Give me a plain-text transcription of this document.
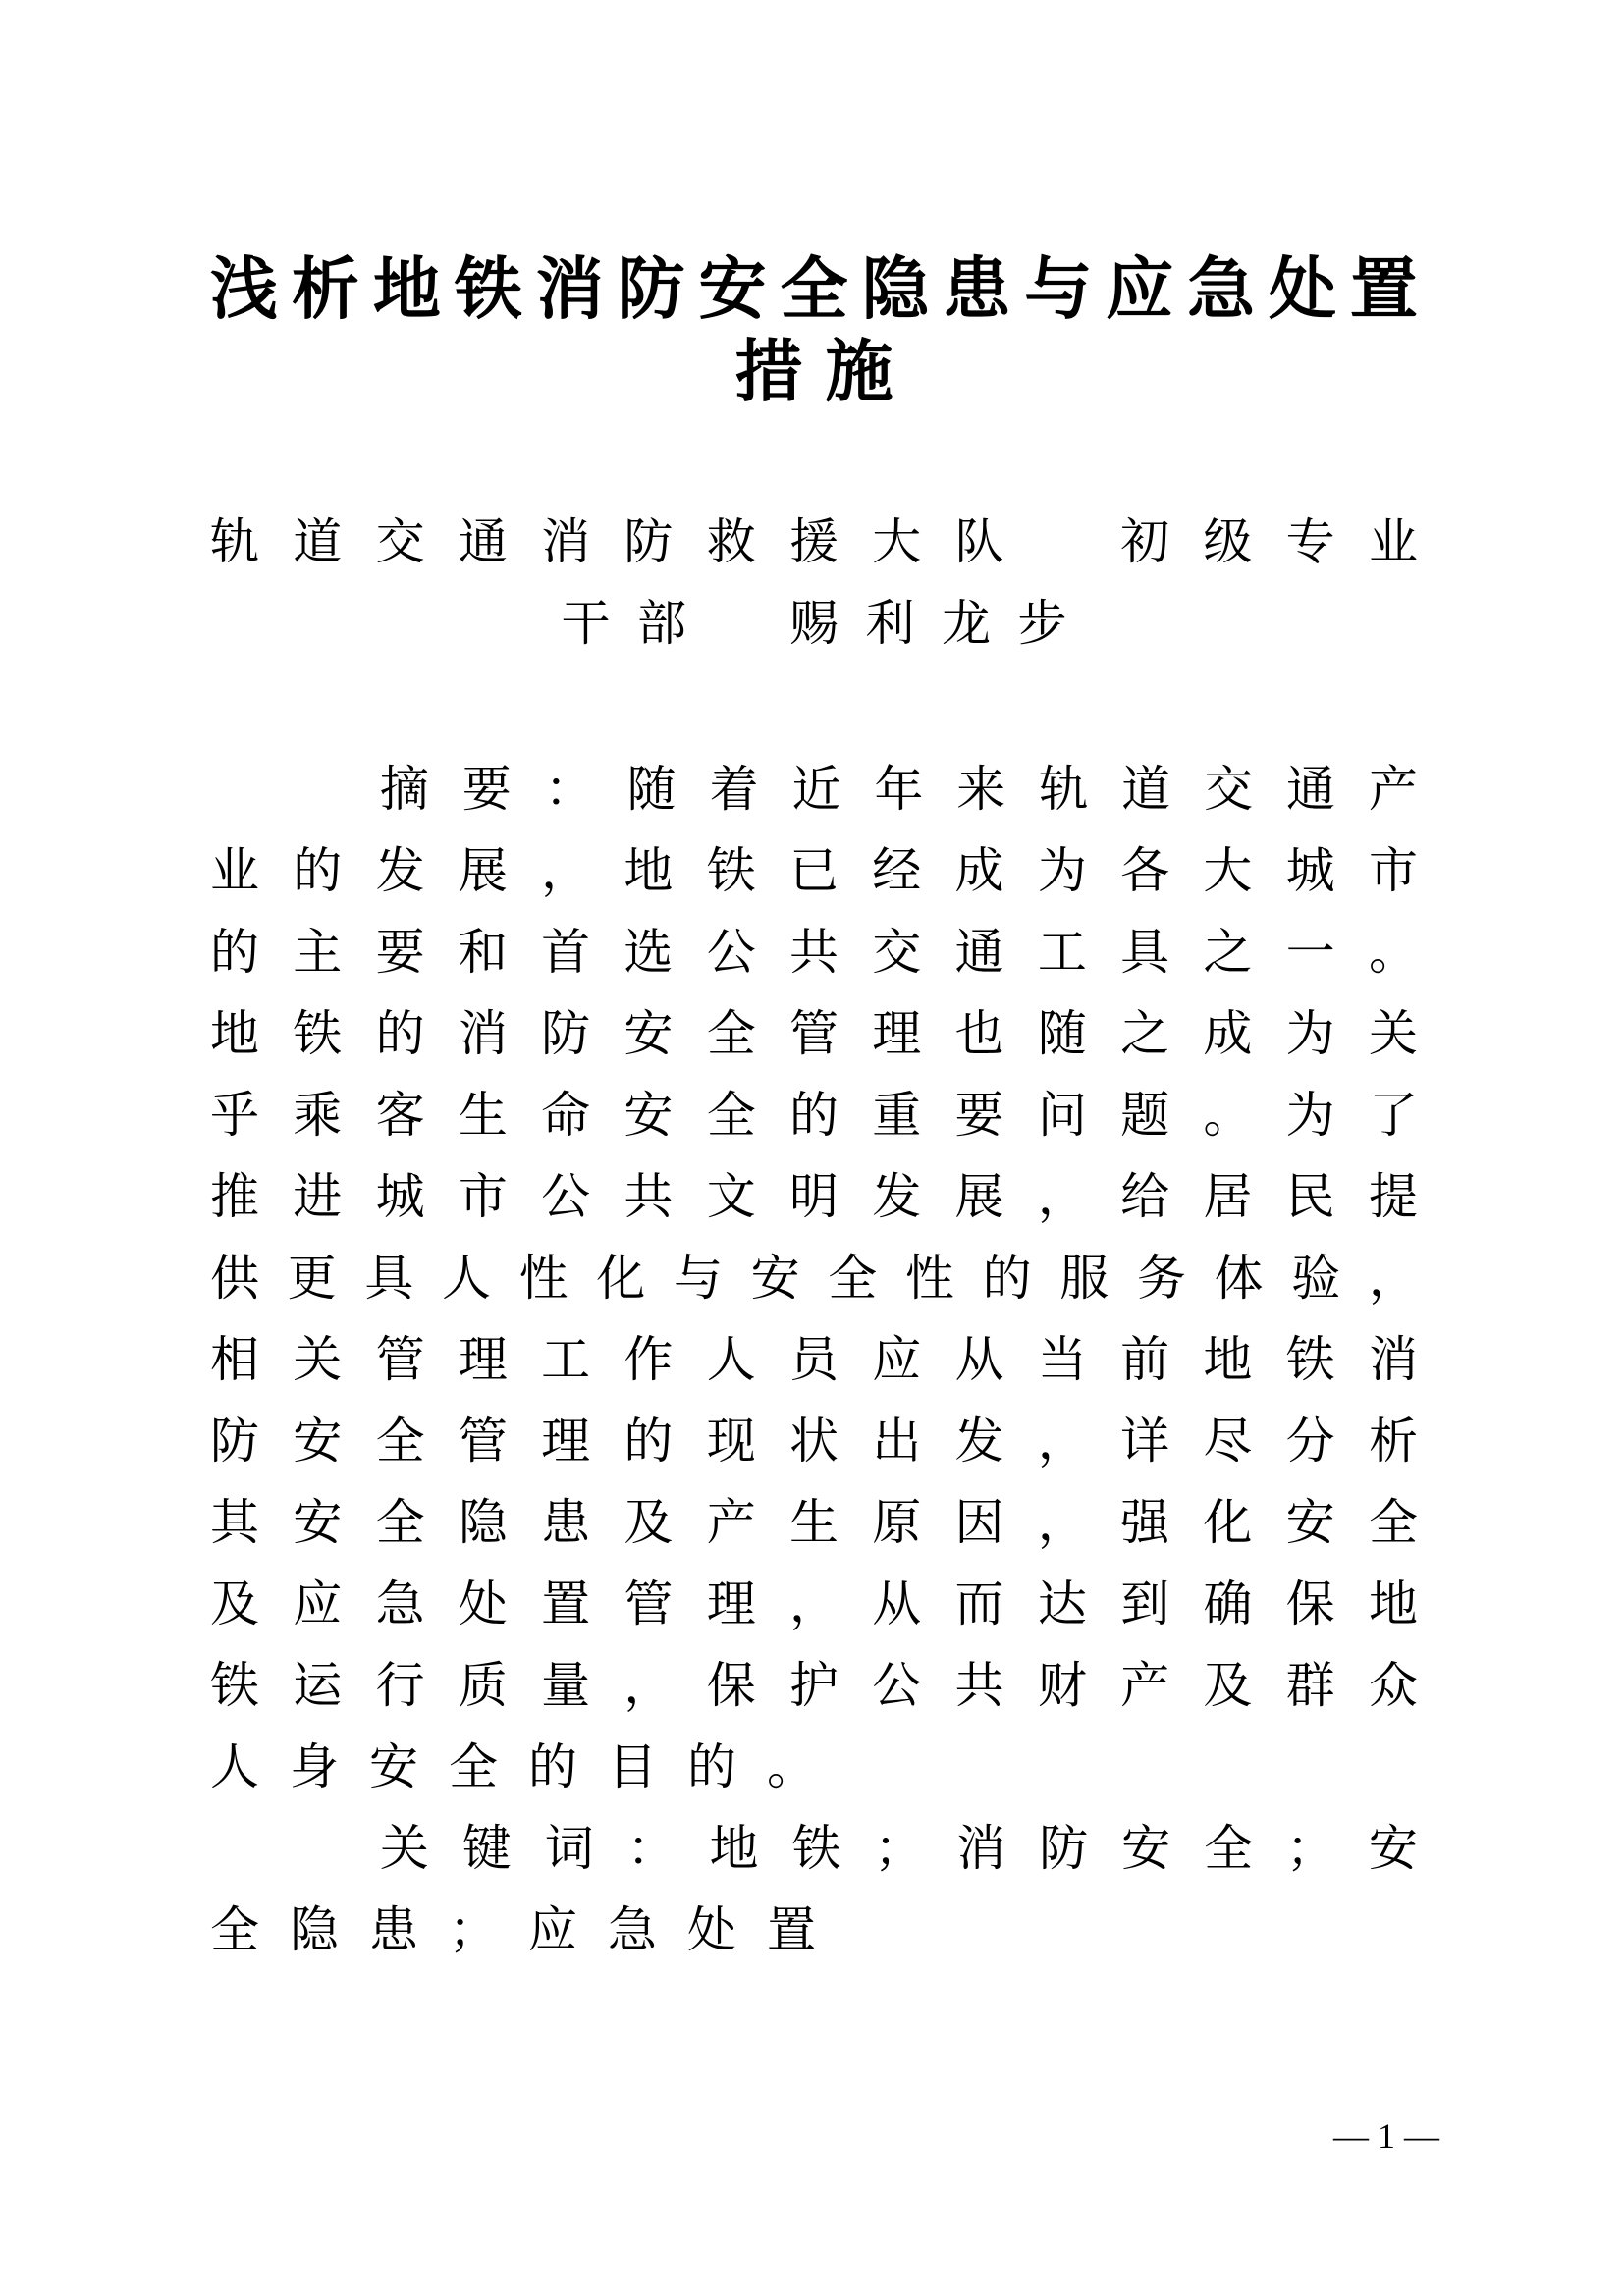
浅 析 地 铁 消 防 安 全 隐 患 与 应 急 处 置
措 施
轨 道 交 通 消 防 救 援 大 队
初 级 专 业
干 部
赐 利 龙 步
摘 要 ： 随 着 近 年 来 轨 道 交 通 产
业 的 发 展 ， 地 铁 已 经 成 为 各 大 城 市
的 主 要 和 首 选 公 共 交 通 工 具 之 一 。
地 铁 的 消 防 安 全 管 理 也 随 之 成 为 关
乎 乘 客 生 命 安 全 的 重 要 问 题 。 为 了
推 进 城 市 公 共 文 明 发 展 ， 给 居 民 提
供 更 具 人 性 化 与 安 全 性 的 服 务 体 验 ，
相 关 管 理 工 作 人 员 应 从 当 前 地 铁 消
防 安 全 管 理 的 现 状 出 发 ， 详 尽 分 析
其 安 全 隐 患 及 产 生 原 因 ， 强 化 安 全
及 应 急 处 置 管 理 ， 从 而 达 到 确 保 地
铁 运 行 质 量 ， 保 护 公 共 财 产 及 群 众
人 身 安 全 的 目 的 。
关 键 词 ： 地 铁 ； 消 防 安 全 ； 安
全 隐 患 ； 应 急 处 置
— 1 —
